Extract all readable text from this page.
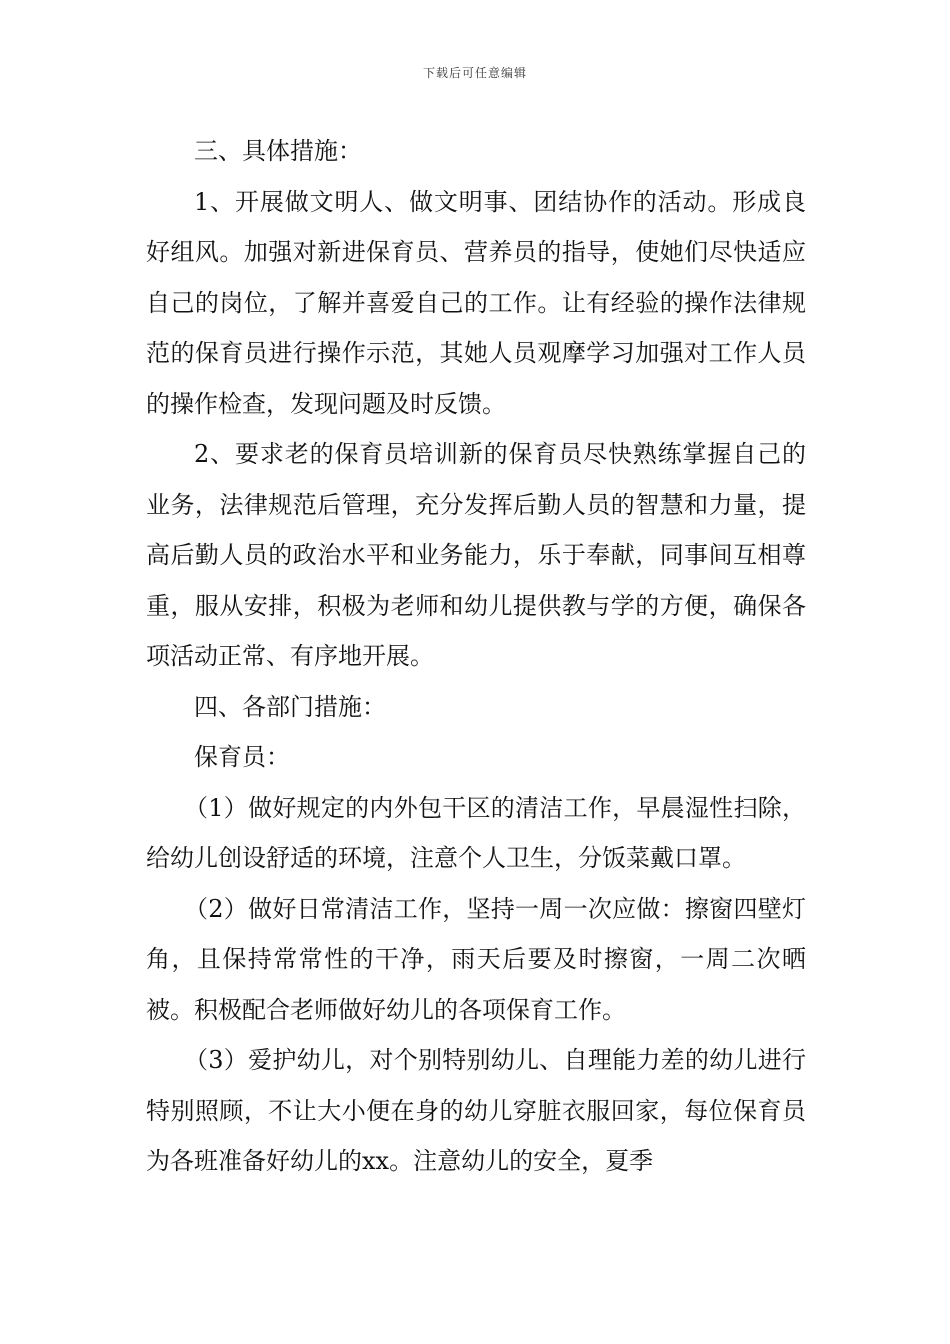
下载后可任意编辑

三、具体措施：

1、开展做文明人、做文明事、团结协作的活动。形成良好组风。加强对新进保育员、营养员的指导，使她们尽快适应自己的岗位，了解并喜爱自己的工作。让有经验的操作法律规范的保育员进行操作示范，其她人员观摩学习加强对工作人员的操作检查，发现问题及时反馈。

2、要求老的保育员培训新的保育员尽快熟练掌握自己的业务，法律规范后管理，充分发挥后勤人员的智慧和力量，提高后勤人员的政治水平和业务能力，乐于奉献，同事间互相尊重，服从安排，积极为老师和幼儿提供教与学的方便，确保各项活动正常、有序地开展。

四、各部门措施：

保育员：

（1）做好规定的内外包干区的清洁工作，早晨湿性扫除，给幼儿创设舒适的环境，注意个人卫生，分饭菜戴口罩。

（2）做好日常清洁工作，坚持一周一次应做：擦窗四壁灯角，且保持常常性的干净，雨天后要及时擦窗，一周二次晒被。积极配合老师做好幼儿的各项保育工作。

（3）爱护幼儿，对个别特别幼儿、自理能力差的幼儿进行特别照顾，不让大小便在身的幼儿穿脏衣服回家，每位保育员为各班准备好幼儿的xx。注意幼儿的安全，夏季
